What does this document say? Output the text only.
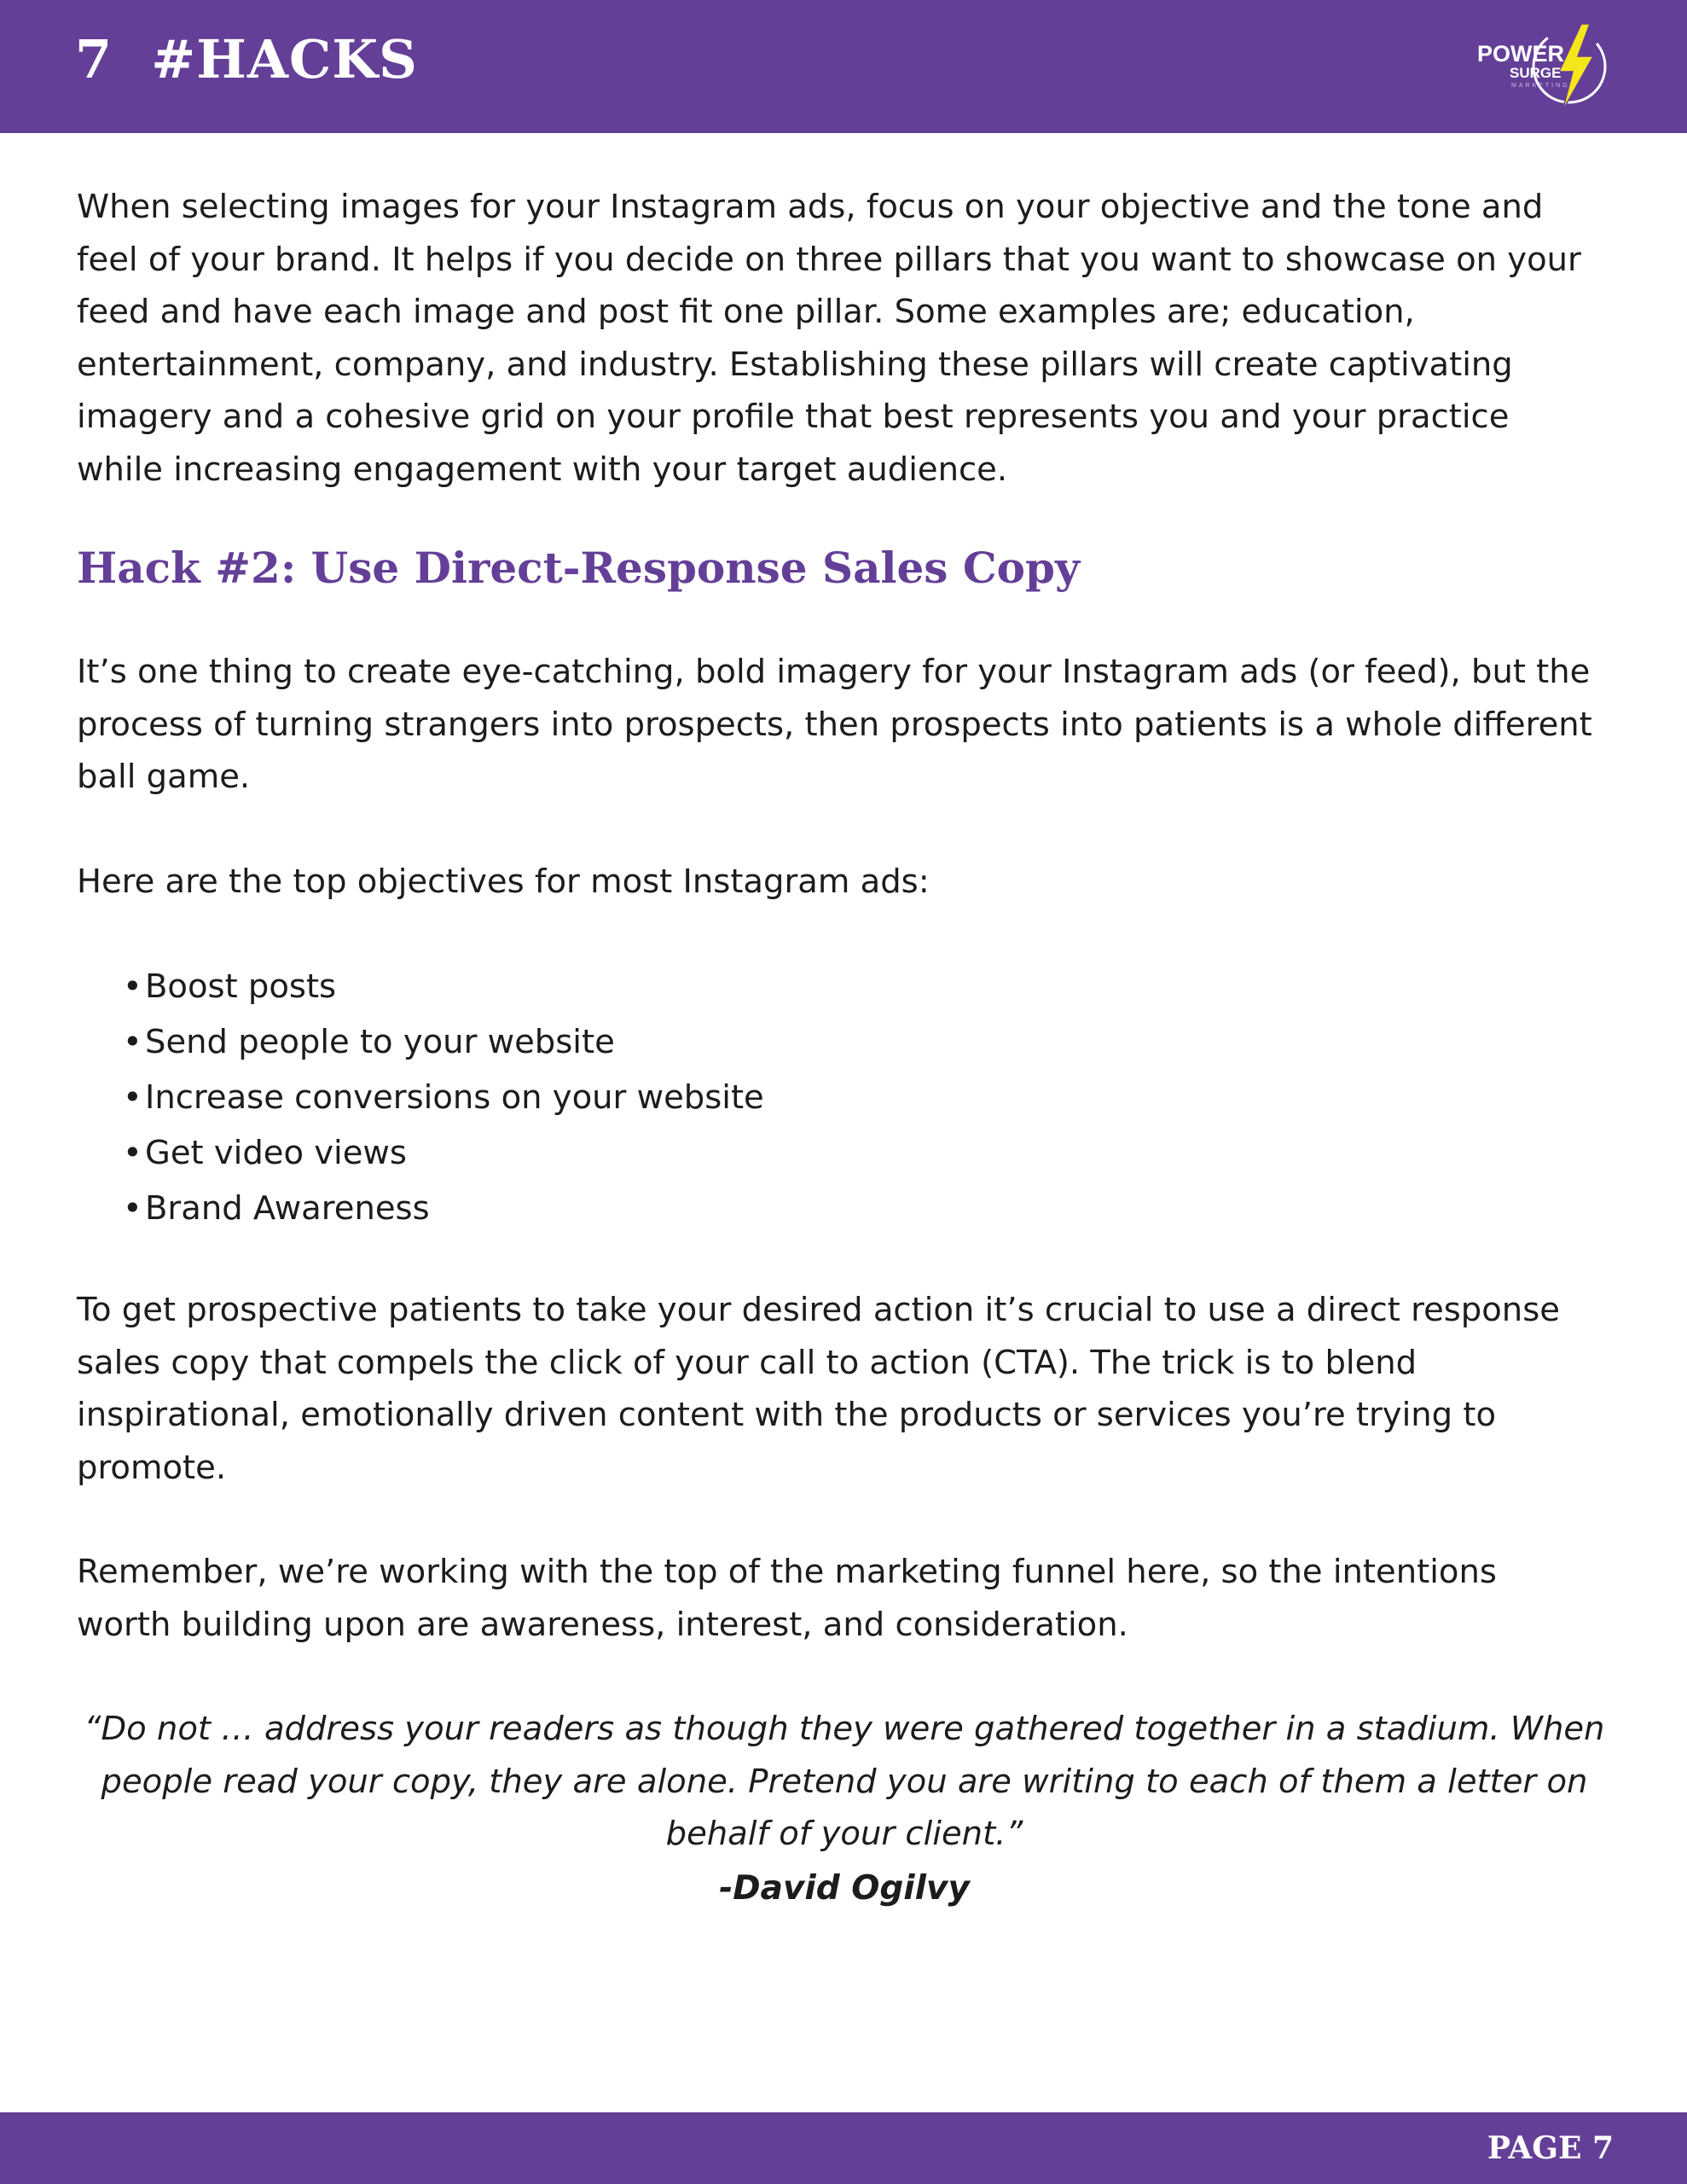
7  #HACKS	POWER
SURGE
MARKETING

When selecting images for your Instagram ads, focus on your objective and the tone and
feel of your brand. It helps if you decide on three pillars that you want to showcase on your
feed and have each image and post fit one pillar. Some examples are; education,
entertainment, company, and industry. Establishing these pillars will create captivating
imagery and a cohesive grid on your profile that best represents you and your practice
while increasing engagement with your target audience.

Hack #2: Use Direct-Response Sales Copy

It’s one thing to create eye-catching, bold imagery for your Instagram ads (or feed), but the
process of turning strangers into prospects, then prospects into patients is a whole different
ball game.

Here are the top objectives for most Instagram ads:

•Boost posts
•Send people to your website
•Increase conversions on your website
•Get video views
•Brand Awareness

To get prospective patients to take your desired action it’s crucial to use a direct response
sales copy that compels the click of your call to action (CTA). The trick is to blend
inspirational, emotionally driven content with the products or services you’re trying to
promote.

Remember, we’re working with the top of the marketing funnel here, so the intentions
worth building upon are awareness, interest, and consideration.

“Do not … address your readers as though they were gathered together in a stadium. When
people read your copy, they are alone. Pretend you are writing to each of them a letter on
behalf of your client.”

-David Ogilvy

PAGE 7
